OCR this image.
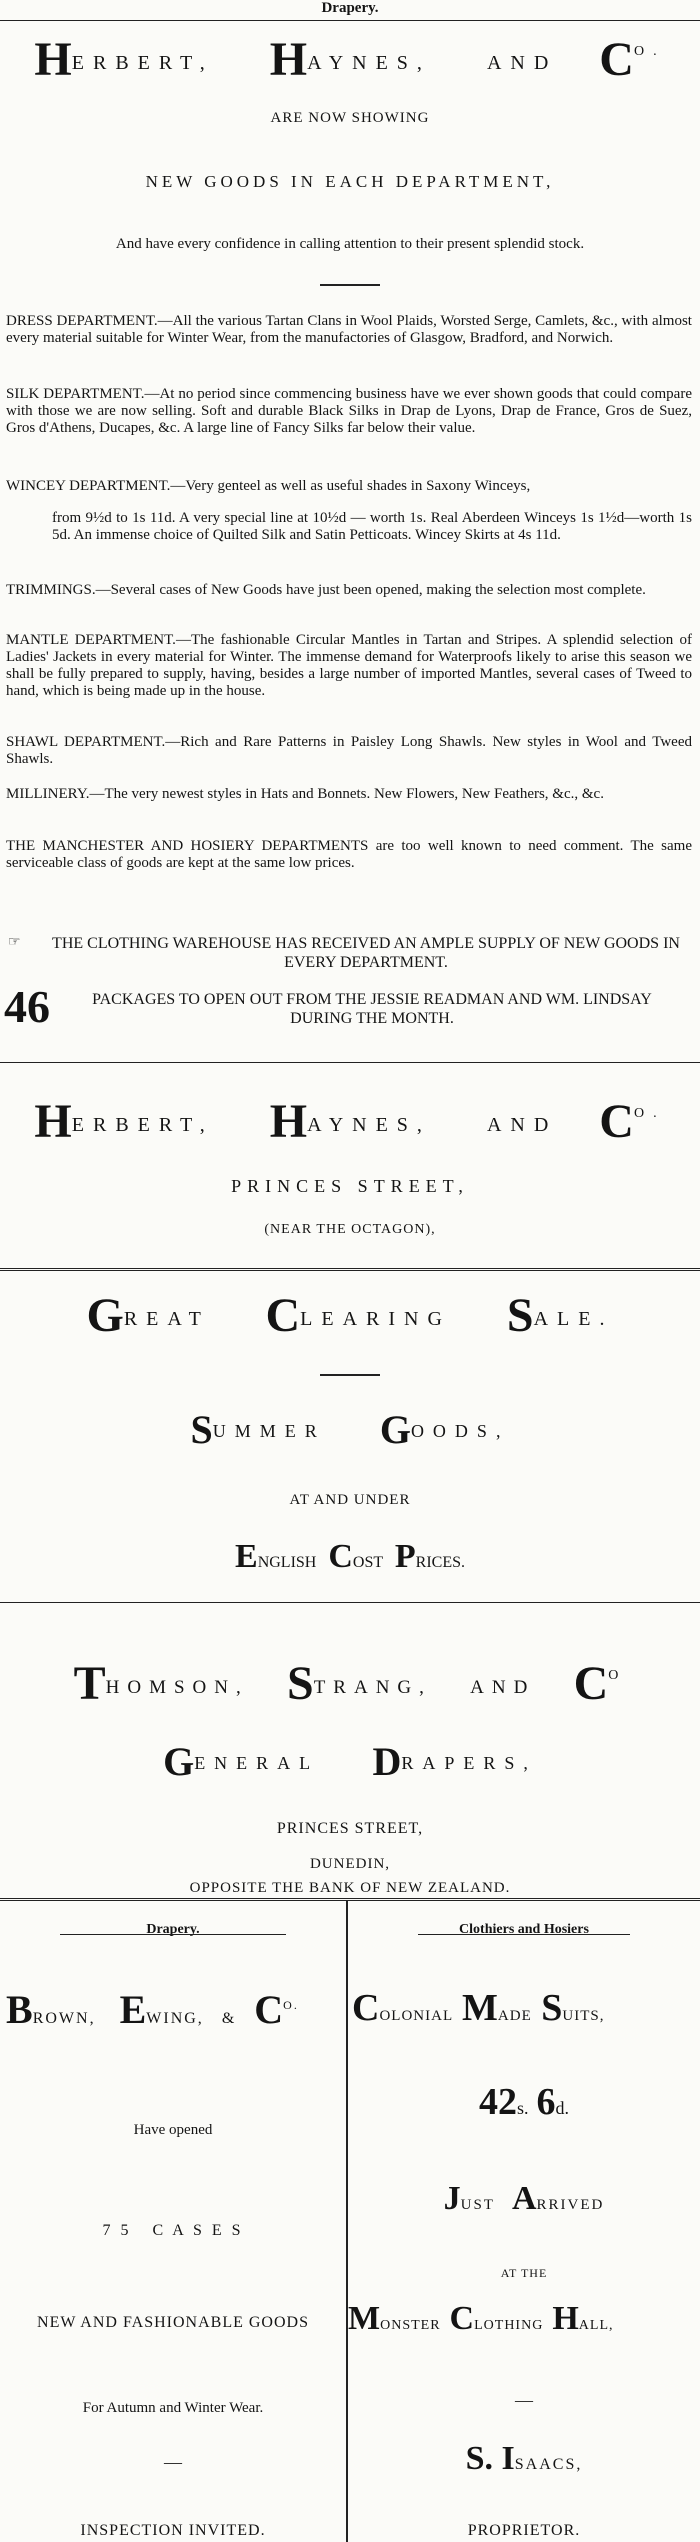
Drapery.
HERBERT, HAYNES,	AND $C^{O.}$
ARE NOW SHOWING
NEW GOODS IN EACH DEPARTMENT,
And have every confidence in calling attention to their present splendid stock.
DRESS DEPARTMENT.—All the various Tartan Clans in Wool Plaids, Worsted Serge, Camlets, &c., with almost every material suitable for Winter Wear, from the manufactories of Glasgow, Bradford, and Norwich.
SILK DEPARTMENT.—At no period since commencing business have we ever shown goods that could compare with those we are now selling. Soft and durable Black Silks in Drap de Lyons, Drap de France, Gros de Suez, Gros d'Athens, Ducapes, &c. A large line of Fancy Silks far below their value.
WINCEY DEPARTMENT.—Very genteel as well as useful shades in Saxony Winceys,
from 9½d to 1s 11d. A very special line at 10½d — worth 1s. Real Aberdeen Winceys 1s 1½d—worth 1s 5d. An immense choice of Quilted Silk and Satin Petticoats. Wincey Skirts at 4s 11d.
TRIMMINGS.—Several cases of New Goods have just been opened, making the selection most complete.
MANTLE DEPARTMENT.—The fashionable Circular Mantles in Tartan and Stripes. A splendid selection of Ladies' Jackets in every material for Winter. The immense demand for Waterproofs likely to arise this season we shall be fully prepared to supply, having, besides a large number of imported Mantles, several cases of Tweed to hand, which is being made up in the house.
SHAWL DEPARTMENT.—Rich and Rare Patterns in Paisley Long Shawls. New styles in Wool and Tweed Shawls.
MILLINERY.—The very newest styles in Hats and Bonnets. New Flowers, New Feathers, &c., &c.
THE MANCHESTER AND HOSIERY DEPARTMENTS are too well known to need comment. The same serviceable class of goods are kept at the same low prices.
THE CLOTHING WAREHOUSE HAS RECEIVED AN AMPLE SUPPLY OF NEW GOODS IN EVERY DEPARTMENT.
☞
46	PACKAGES TO OPEN OUT FROM THE JESSIE READMAN AND WM. LINDSAY DURING THE MONTH.
HERBERT, HAYNES,	AND $C^{O.}$
PRINCES STREET,
(NEAR THE OCTAGON),
GREAT CLEARING SALE.
SUMMER GOODS,
AT AND UNDER
ENGLISH COST PRICES.
THOMSON, STRANG, AND $C^O$
GENERAL DRAPERS,
PRINCES STREET,
DUNEDIN,
OPPOSITE THE BANK OF NEW ZEALAND.
Drapery.
BROWN, EWING, & $C^{O.}$
Have opened
7 5   C A S E S
NEW AND FASHIONABLE GOODS
For Autumn and Winter Wear.
—
INSPECTION INVITED.
Clothiers and Hosiers
COLONIAL MADE SUITS,
42s. 6d.
JUST ARRIVED
AT THE
MONSTER CLOTHING HALL,
—
S. ISAACS,
PROPRIETOR.
